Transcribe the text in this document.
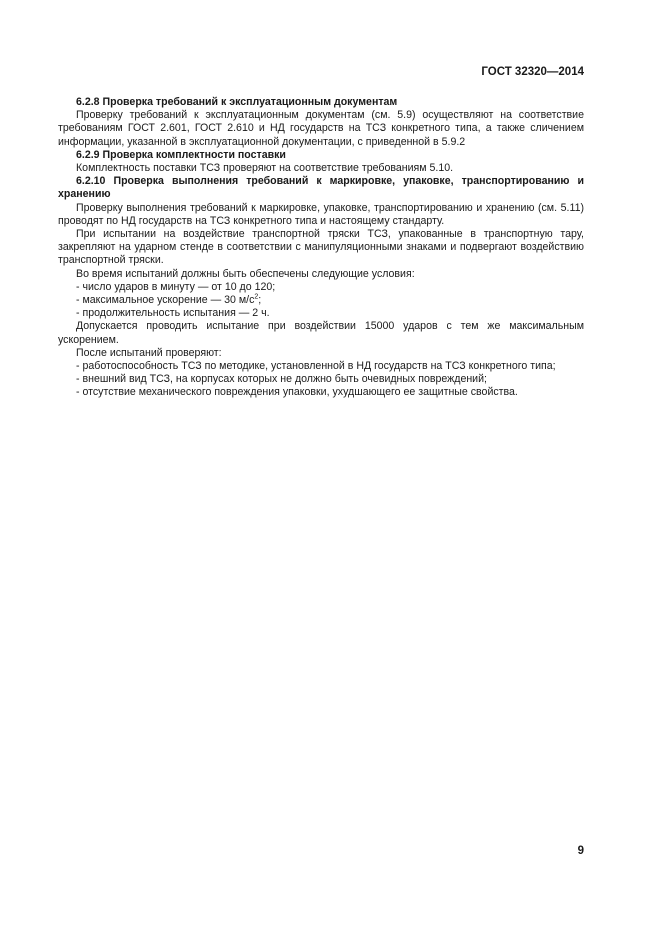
ГОСТ 32320—2014

6.2.8 Проверка требований к эксплуатационным документам

Проверку требований к эксплуатационным документам (см. 5.9) осуществляют на соответствие требованиям ГОСТ 2.601, ГОСТ 2.610 и НД государств на ТСЗ конкретного типа, а также сличением информации, указанной в эксплуатационной документации, с приведенной в 5.9.2

6.2.9 Проверка комплектности поставки

Комплектность поставки ТСЗ проверяют на соответствие требованиям 5.10.

6.2.10 Проверка выполнения требований к маркировке, упаковке, транспортированию и хранению

Проверку выполнения требований к маркировке, упаковке, транспортированию и хранению (см. 5.11) проводят по НД государств на ТСЗ конкретного типа и настоящему стандарту.

При испытании на воздействие транспортной тряски ТСЗ, упакованные в транспортную тару, закрепляют на ударном стенде в соответствии с манипуляционными знаками и подвергают воздействию транспортной тряски.

Во время испытаний должны быть обеспечены следующие условия:

- число ударов в минуту — от 10 до 120;

- максимальное ускорение — 30 $м/с^2$;

- продолжительность испытания — 2 ч.

Допускается проводить испытание при воздействии 15000 ударов с тем же максимальным ускорением.

После испытаний проверяют:

- работоспособность ТСЗ по методике, установленной в НД государств на ТСЗ конкретного типа;

- внешний вид ТСЗ, на корпусах которых не должно быть очевидных повреждений;

- отсутствие механического повреждения упаковки, ухудшающего ее защитные свойства.

9
